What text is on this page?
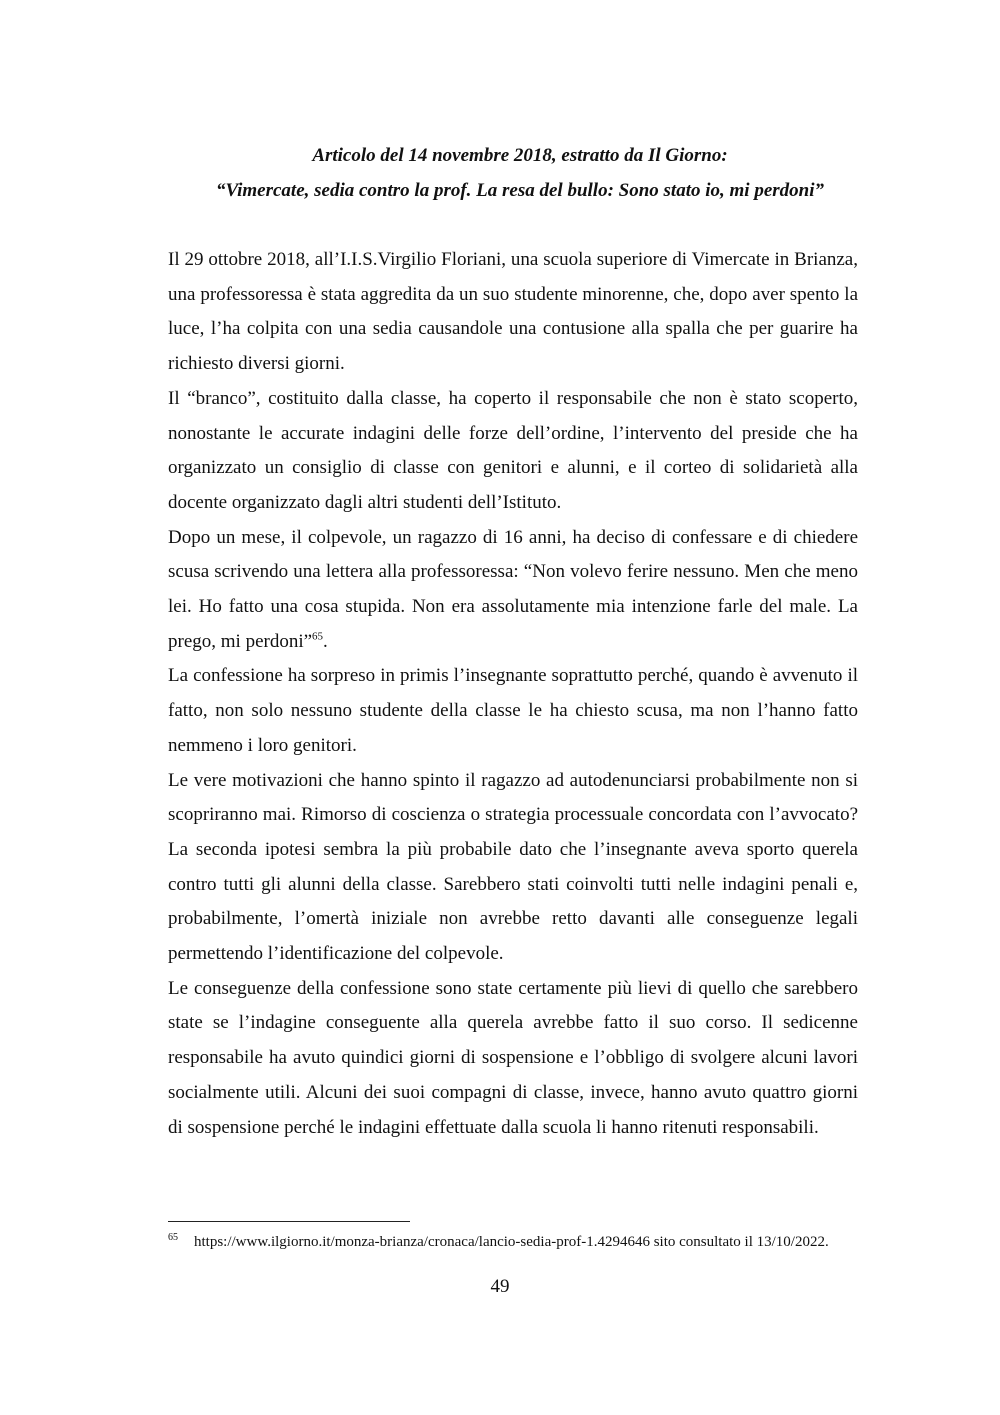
Articolo del 14 novembre 2018, estratto da Il Giorno:
“Vimercate, sedia contro la prof. La resa del bullo: Sono stato io, mi perdoni”

Il 29 ottobre 2018, all’I.I.S.Virgilio Floriani, una scuola superiore di Vimercate in Brianza, una professoressa è stata aggredita da un suo studente minorenne, che, dopo aver spento la luce, l’ha colpita con una sedia causandole una contusione alla spalla che per guarire ha richiesto diversi giorni.

Il “branco”, costituito dalla classe, ha coperto il responsabile che non è stato scoperto, nonostante le accurate indagini delle forze dell’ordine, l’intervento del preside che ha organizzato un consiglio di classe con genitori e alunni, e il corteo di solidarietà alla docente organizzato dagli altri studenti dell’Istituto.

Dopo un mese, il colpevole, un ragazzo di 16 anni, ha deciso di confessare e di chiedere scusa scrivendo una lettera alla professoressa: “Non volevo ferire nessuno. Men che meno lei. Ho fatto una cosa stupida. Non era assolutamente mia intenzione farle del male. La prego, mi perdoni”$^{65}$.

La confessione ha sorpreso in primis l’insegnante soprattutto perché, quando è avvenuto il fatto, non solo nessuno studente della classe le ha chiesto scusa, ma non l’hanno fatto nemmeno i loro genitori.

Le vere motivazioni che hanno spinto il ragazzo ad autodenunciarsi probabilmente non si scopriranno mai. Rimorso di coscienza o strategia processuale concordata con l’avvocato? La seconda ipotesi sembra la più probabile dato che l’insegnante aveva sporto querela contro tutti gli alunni della classe. Sarebbero stati coinvolti tutti nelle indagini penali e, probabilmente, l’omertà iniziale non avrebbe retto davanti alle conseguenze legali permettendo l’identificazione del colpevole.

Le conseguenze della confessione sono state certamente più lievi di quello che sarebbero state se l’indagine conseguente alla querela avrebbe fatto il suo corso. Il sedicenne responsabile ha avuto quindici giorni di sospensione e l’obbligo di svolgere alcuni lavori socialmente utili. Alcuni dei suoi compagni di classe, invece, hanno avuto quattro giorni di sospensione perché le indagini effettuate dalla scuola li hanno ritenuti responsabili.

65 https://www.ilgiorno.it/monza-brianza/cronaca/lancio-sedia-prof-1.4294646 sito consultato il 13/10/2022.
49
